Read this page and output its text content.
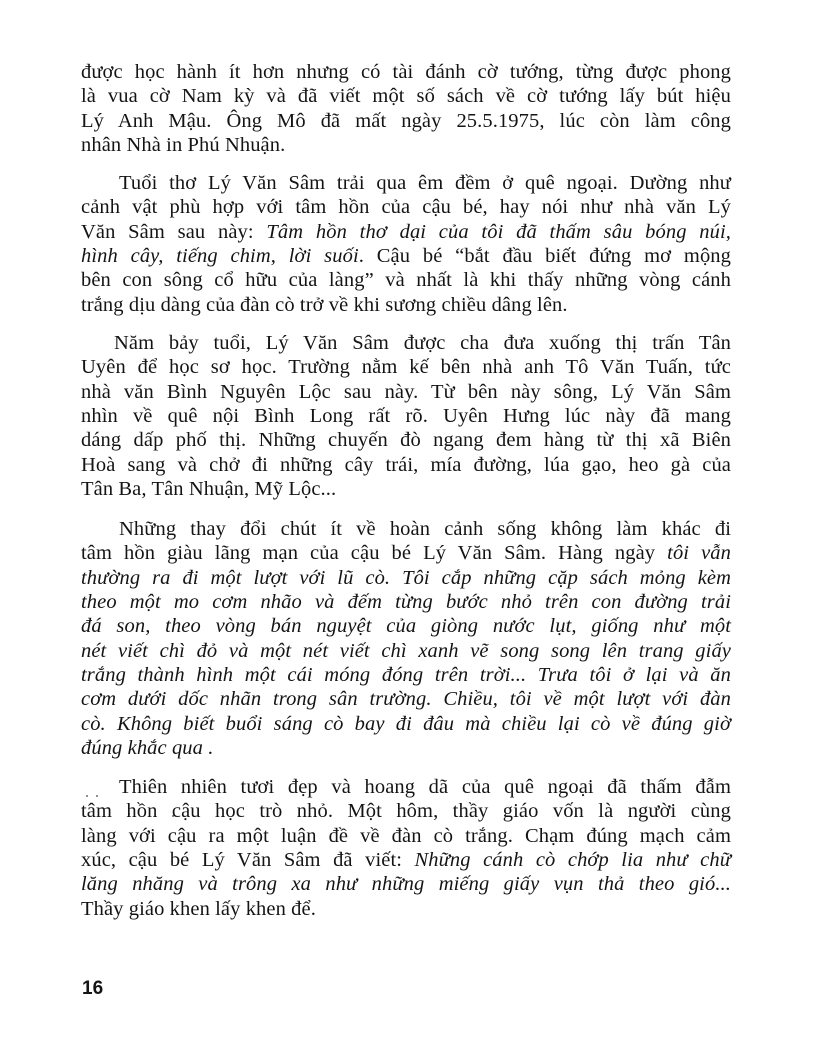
16
được học hành ít hơn nhưng có tài đánh cờ tướng, từng được phong
là vua cờ Nam kỳ và đã viết một số sách về cờ tướng lấy bút hiệu
Lý Anh Mậu. Ông Mô đã mất ngày 25.5.1975, lúc còn làm công
nhân Nhà in Phú Nhuận.
Tuổi thơ Lý Văn Sâm trải qua êm đềm ở quê ngoại. Dường như
cảnh vật phù hợp với tâm hồn của cậu bé, hay nói như nhà văn Lý
Văn Sâm sau này: Tâm hồn thơ dại của tôi đã thấm sâu bóng núi,
hình cây, tiếng chim, lời suối. Cậu bé “bắt đầu biết đứng mơ mộng
bên con sông cổ hữu của làng” và nhất là khi thấy những vòng cánh
trắng dịu dàng của đàn cò trở về khi sương chiều dâng lên.
Năm bảy tuổi, Lý Văn Sâm được cha đưa xuống thị trấn Tân
Uyên để học sơ học. Trường nằm kế bên nhà anh Tô Văn Tuấn, tức
nhà văn Bình Nguyên Lộc sau này. Từ bên này sông, Lý Văn Sâm
nhìn về quê nội Bình Long rất rõ. Uyên Hưng lúc này đã mang
dáng dấp phố thị. Những chuyến đò ngang đem hàng từ thị xã Biên
Hoà sang và chở đi những cây trái, mía đường, lúa gạo, heo gà của
Tân Ba, Tân Nhuận, Mỹ Lộc...
Những thay đổi chút ít về hoàn cảnh sống không làm khác đi
tâm hồn giàu lãng mạn của cậu bé Lý Văn Sâm. Hàng ngày tôi vẫn
thường ra đi một lượt với lũ cò. Tôi cắp những cặp sách mỏng kèm
theo một mo cơm nhão và đếm từng bước nhỏ trên con đường trải
đá son, theo vòng bán nguyệt của giòng nước lụt, giống như một
nét viết chì đỏ và một nét viết chì xanh vẽ song song lên trang giấy
trắng thành hình một cái móng đóng trên trời... Trưa tôi ở lại và ăn
cơm dưới dốc nhãn trong sân trường. Chiều, tôi về một lượt với đàn
cò. Không biết buổi sáng cò bay đi đâu mà chiều lại cò về đúng giờ
đúng khắc qua .
Thiên nhiên tươi đẹp và hoang dã của quê ngoại đã thấm đẫm
tâm hồn cậu học trò nhỏ. Một hôm, thầy giáo vốn là người cùng
làng với cậu ra một luận đề về đàn cò trắng. Chạm đúng mạch cảm
xúc, cậu bé Lý Văn Sâm đã viết: Những cánh cò chớp lia như chữ
lăng nhăng và trông xa như những miếng giấy vụn thả theo gió...
Thầy giáo khen lấy khen để.
